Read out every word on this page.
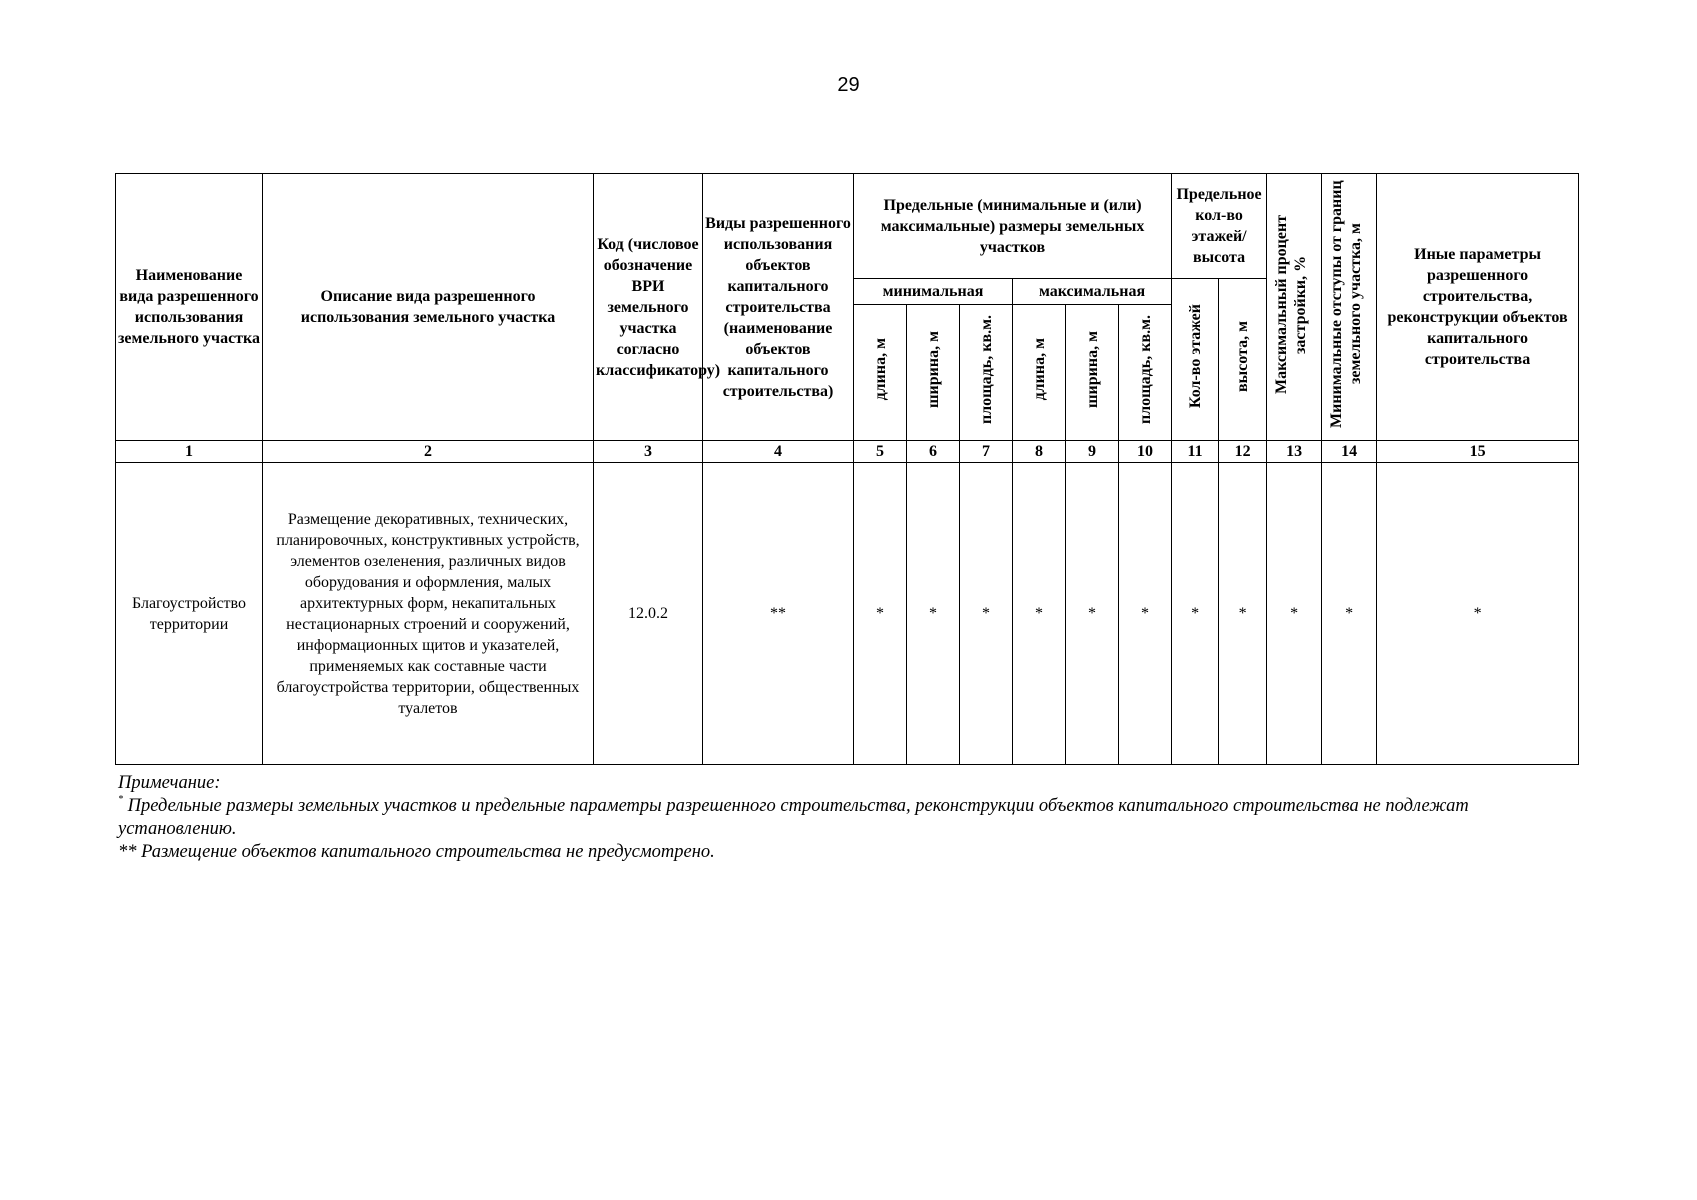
29
Наименование вида разрешенного использования земельного участка	Описание вида разрешенного использования земельного участка	Код (числовое обозначение ВРИ земельного участка согласно классификатору)	Виды разрешенного использования объектов капитального строительства (наименование объектов капитального строительства)	Предельные (минимальные и (или) максимальные) размеры земельных участков						Предельное кол-во этажей/ высота		Максимальный процент застройки, %	Минимальные отступы от границ земельного участка, м	Иные параметры разрешенного строительства, реконструкции объектов капитального строительства
				минимальная			максимальная			Кол-во этажей	высота, м			
				длина, м	ширина, м	площадь, кв.м.	длина, м	ширина, м	площадь, кв.м.					
1	2	3	4	5	6	7	8	9	10	11	12	13	14	15
Благоустройство территории	Размещение декоративных, технических, планировочных, конструктивных устройств, элементов озеленения, различных видов оборудования и оформления, малых архитектурных форм, некапитальных нестационарных строений и сооружений, информационных щитов и указателей, применяемых как составные части благоустройства территории, общественных туалетов	12.0.2	**	*	*	*	*	*	*	*	*	*	*	*

Примечание:

* Предельные размеры земельных участков и предельные параметры разрешенного строительства, реконструкции объектов капитального строительства не подлежат установлению.

** Размещение объектов капитального строительства не предусмотрено.
